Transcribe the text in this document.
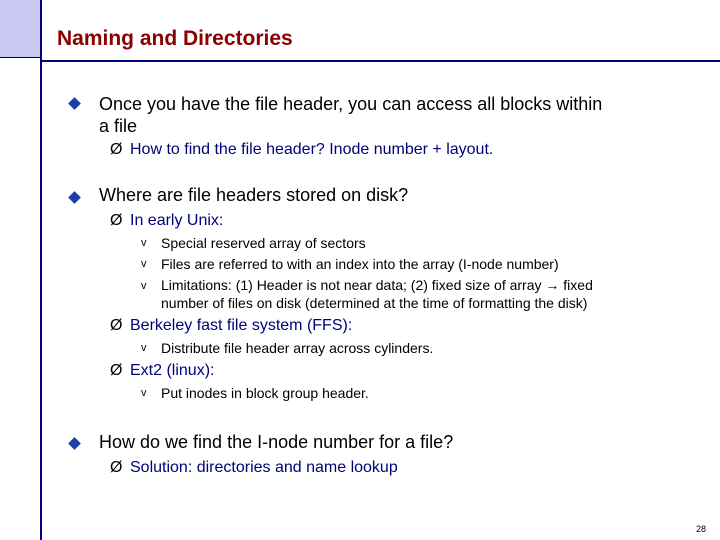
Naming and Directories
Once you have the file header, you can access all blocks within
a file
Ø How to find the file header? Inode number + layout.
Where are file headers stored on disk?
Ø In early Unix:
v Special reserved array of sectors
v Files are referred to with an index into the array (I-node number)
v Limitations: (1) Header is not near data; (2) fixed size of array → fixed
number of files on disk (determined at the time of formatting the disk)
Ø Berkeley fast file system (FFS):
v Distribute file header array across cylinders.
Ø Ext2 (linux):
v Put inodes in block group header.
How do we find the I-node number for a file?
Ø Solution: directories and name lookup
28
